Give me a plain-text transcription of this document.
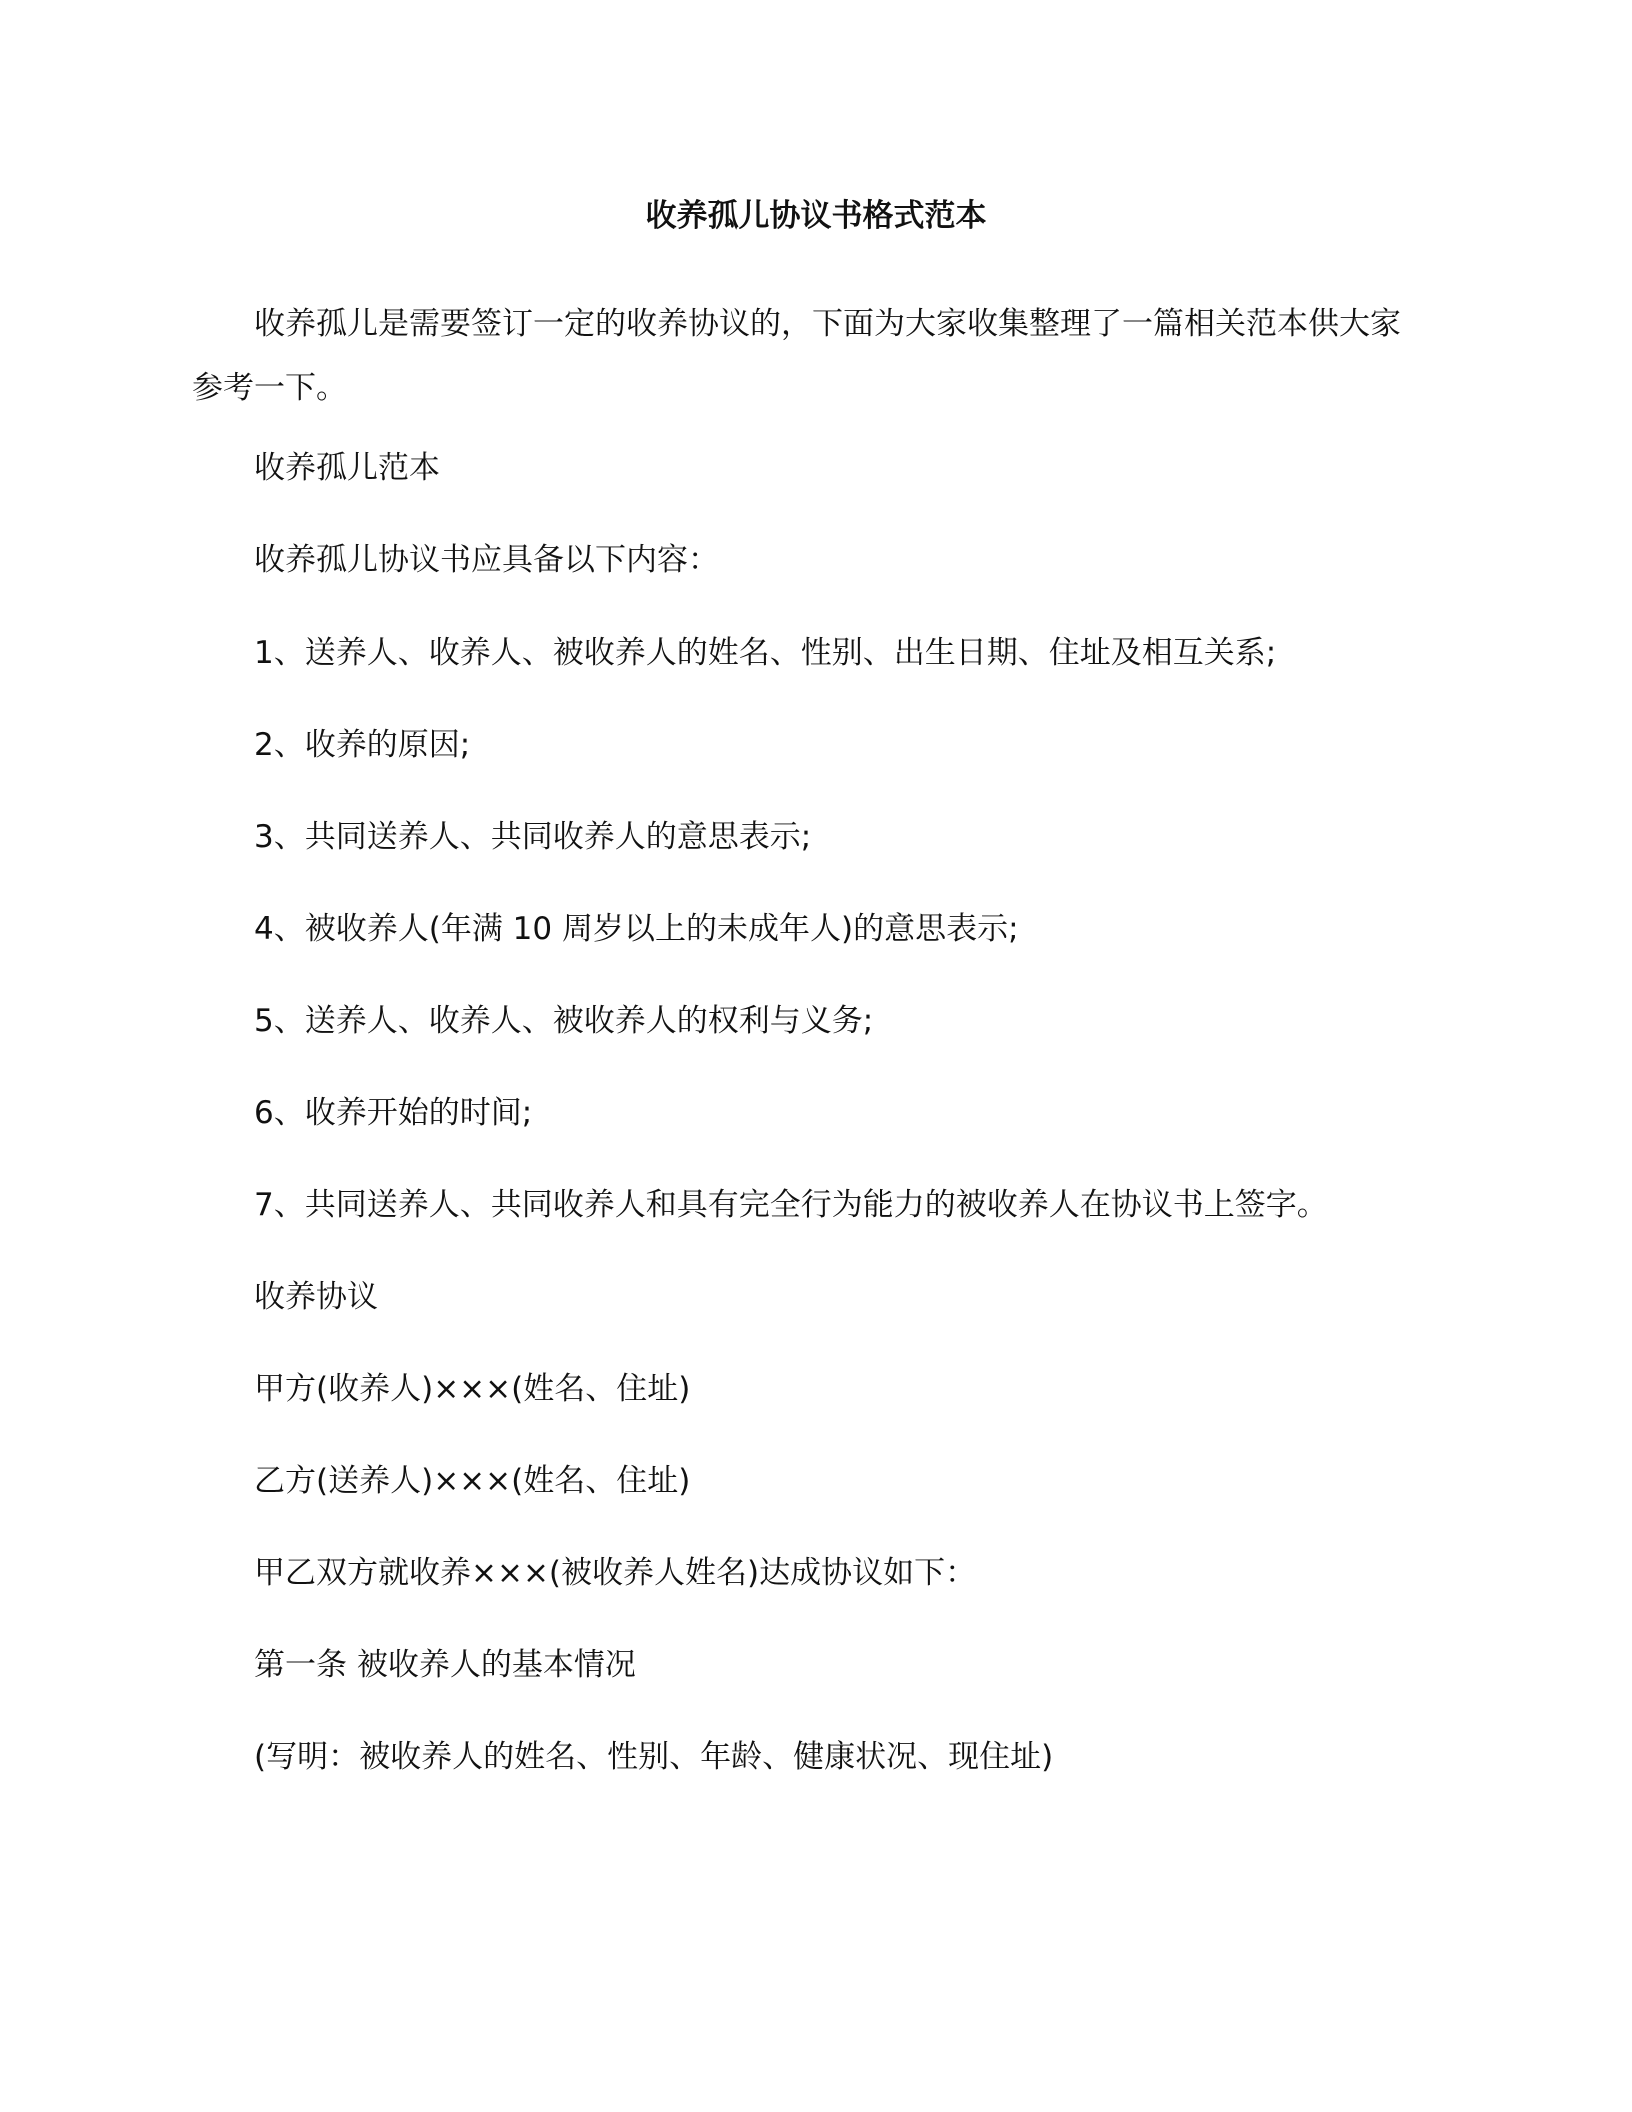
收养孤儿协议书格式范本

收养孤儿是需要签订一定的收养协议的，下面为大家收集整理了一篇相关范本供大家参考一下。

收养孤儿范本

收养孤儿协议书应具备以下内容：

1、送养人、收养人、被收养人的姓名、性别、出生日期、住址及相互关系;

2、收养的原因;

3、共同送养人、共同收养人的意思表示;

4、被收养人(年满 10 周岁以上的未成年人)的意思表示;

5、送养人、收养人、被收养人的权利与义务;

6、收养开始的时间;

7、共同送养人、共同收养人和具有完全行为能力的被收养人在协议书上签字。

收养协议

甲方(收养人)×××(姓名、住址)

乙方(送养人)×××(姓名、住址)

甲乙双方就收养×××(被收养人姓名)达成协议如下：

第一条 被收养人的基本情况

(写明：被收养人的姓名、性别、年龄、健康状况、现住址)
